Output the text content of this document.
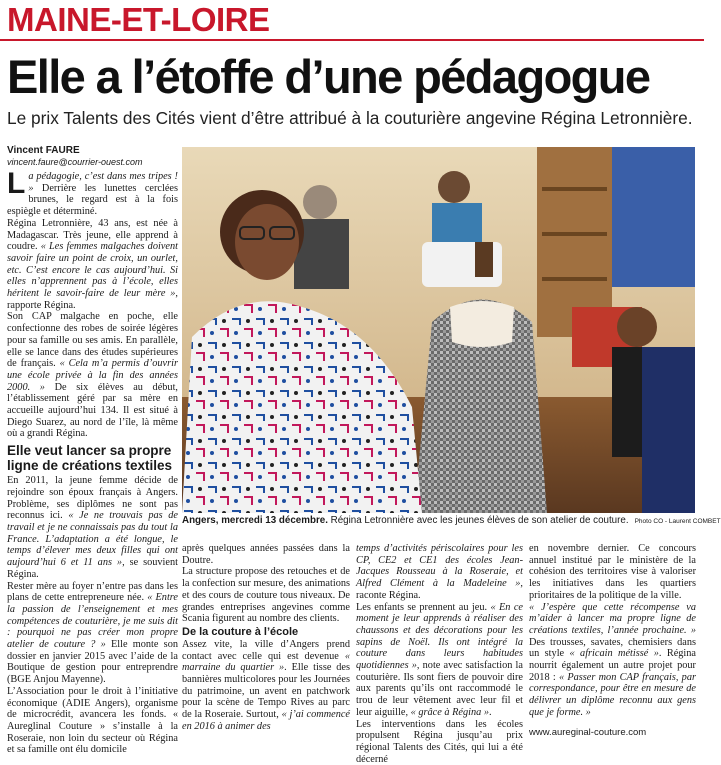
MAINE-ET-LOIRE
Elle a l’étoffe d’une pédagogue
Le prix Talents des Cités vient d’être attribué à la couturière angevine Régina Letronnière.

Vincent FAURE

vincent.faure@courrier-ouest.com

La pédagogie, c’est dans mes tripes ! » Derrière les lunettes cerclées brunes, le regard est à la fois espiègle et déterminé.

Régina Letronnière, 43 ans, est née à Madagascar. Très jeune, elle apprend à coudre. « Les femmes malgaches doivent savoir faire un point de croix, un ourlet, etc. C’est encore le cas aujourd’hui. Si elles n’apprennent pas à l’école, elles héritent le savoir-faire de leur mère », rapporte Régina.

Son CAP malgache en poche, elle confectionne des robes de soirée légères pour sa famille ou ses amis. En parallèle, elle se lance dans des études supérieures de français. « Cela m’a permis d’ouvrir une école privée à la fin des années 2000. » De six élèves au début, l’établissement géré par sa mère en accueille aujourd’hui 134. Il est situé à Diego Suarez, au nord de l’île, là même où a grandi Régina.

Elle veut lancer sa propre ligne de créations textiles

En 2011, la jeune femme décide de rejoindre son époux français à Angers. Problème, ses diplômes ne sont pas reconnus ici. « Je ne trouvais pas de travail et je ne connaissais pas du tout la France. L’adaptation a été longue, le temps d’élever mes deux filles qui ont aujourd’hui 6 et 11 ans », se souvient Régina.

Rester mère au foyer n’entre pas dans les plans de cette entrepreneure née. « Entre la passion de l’enseignement et mes compétences de couturière, je me suis dit : pourquoi ne pas créer mon propre atelier de couture ? » Elle monte son dossier en janvier 2015 avec l’aide de la Boutique de gestion pour entreprendre (BGE Anjou Mayenne).

L’Association pour le droit à l’initiative économique (ADIE Angers), organisme de microcrédit, avancera les fonds. « Aureglinal Couture » s’installe à la Roseraie, non loin du secteur où Régina et sa famille ont élu domicile

Angers, mercredi 13 décembre. Régina Letronnière avec les jeunes élèves de son atelier de couture. Photo CO - Laurent COMBET

après quelques années passées dans la Doutre.

La structure propose des retouches et de la confection sur mesure, des animations et des cours de couture tous niveaux. De grandes entreprises angevines comme Scania figurent au nombre des clients.

De la couture à l’école

Assez vite, la ville d’Angers prend contact avec celle qui est devenue « marraine du quartier ». Elle tisse des bannières multicolores pour les Journées du patrimoine, un avent en patchwork pour la scène de Tempo Rives au parc de la Roseraie. Surtout, « j’ai commencé en 2016 à animer des

temps d’activités périscolaires pour les CP, CE2 et CE1 des écoles Jean-Jacques Rousseau à la Roseraie, et Alfred Clément à la Madeleine », raconte Régina.

Les enfants se prennent au jeu. « En ce moment je leur apprends à réaliser des chaussons et des décorations pour les sapins de Noël. Ils ont intégré la couture dans leurs habitudes quotidiennes », note avec satisfaction la couturière. Ils sont fiers de pouvoir dire aux parents qu’ils ont raccommodé le trou de leur vêtement avec leur fil et leur aiguille, « grâce à Régina ».

Les interventions dans les écoles propulsent Régina jusqu’au prix régional Talents des Cités, qui lui a été décerné

en novembre dernier. Ce concours annuel institué par le ministère de la cohésion des territoires vise à valoriser les initiatives dans les quartiers prioritaires de la politique de la ville.

« J’espère que cette récompense va m’aider à lancer ma propre ligne de créations textiles, l’année prochaine. » Des trousses, savates, chemisiers dans un style « africain métissé ». Régina nourrit également un autre projet pour 2018 : « Passer mon CAP français, par correspondance, pour être en mesure de délivrer un diplôme reconnu aux gens que je forme. »

www.aureginal-couture.com
